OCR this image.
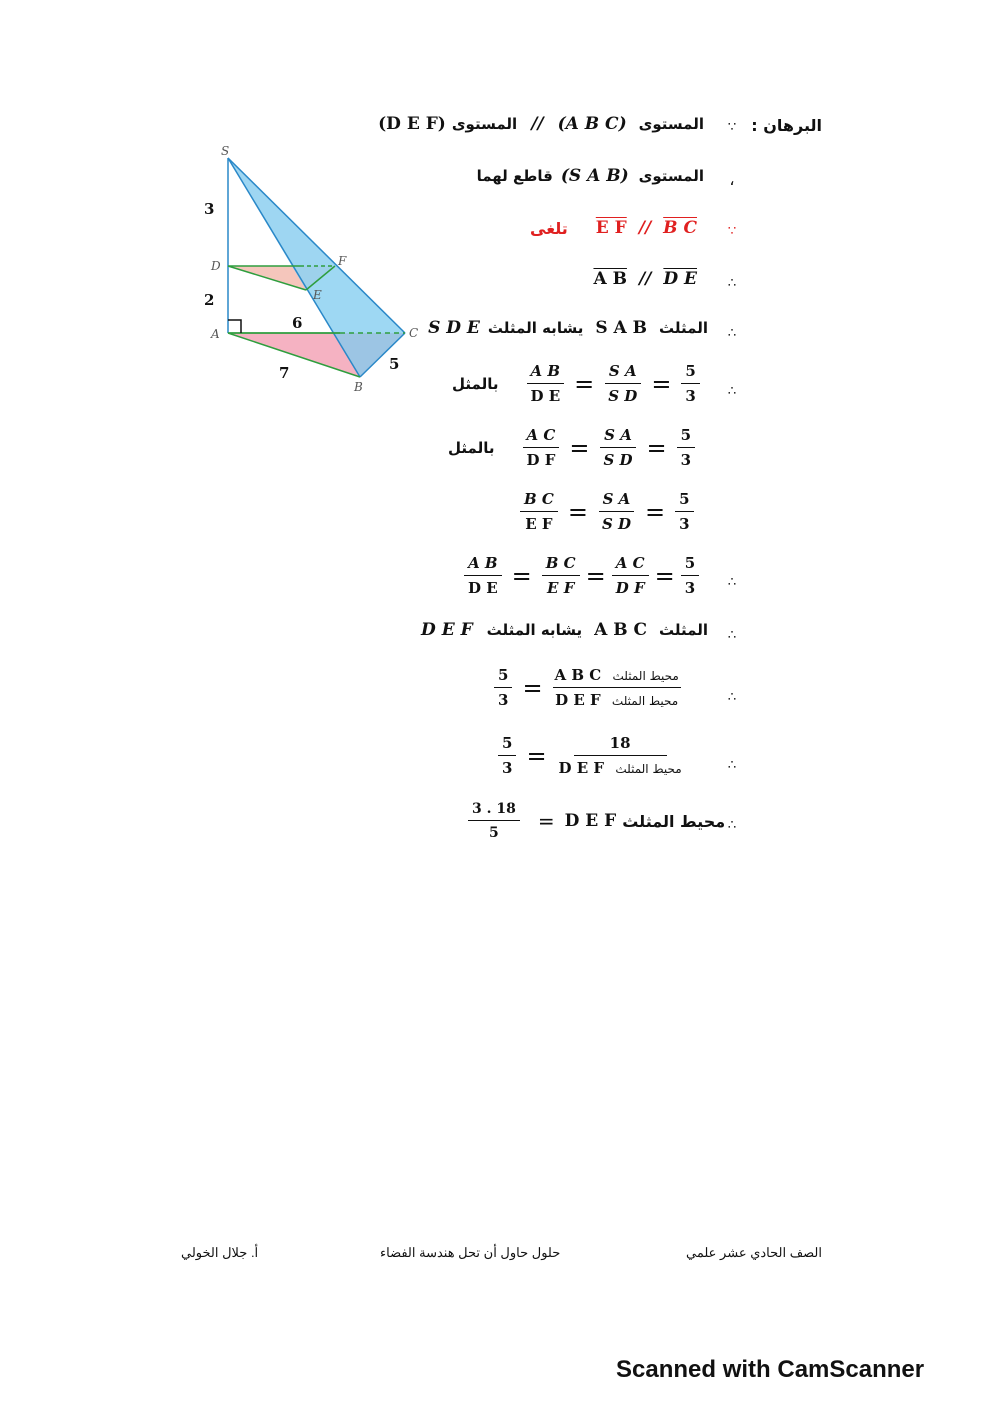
S
D
A
F
E
C
B
3
2
6
7	5
البرهان :
∵
المستوى
(A B C)
//
المستوى
(D E F)
،
المستوى
(S A B)
قاطع لهما
∵
تلغى E F // B C
∴
A B // D E
∴
المثلث
S A B
يشابه المثلث
S D E
∴
بالمثل $\frac{\text{A B}}{\text{D E}} = \frac{\text{S A}}{\text{S D}} = \frac{5}{3}$
بالمثل $\frac{\text{A C}}{\text{D F}} = \frac{\text{S A}}{\text{S D}} = \frac{5}{3}$
$\frac{\text{B C}}{\text{E F}} = \frac{\text{S A}}{\text{S D}} = \frac{5}{3}$
∴
$\frac{\text{A B}}{\text{D E}} = \frac{\text{B C}}{\text{E F}} = \frac{\text{A C}}{\text{D F}} = \frac{5}{3}$
∴
المثلث
A B C
يشابه المثلث
D E F
∴
$\frac{5}{3} = \frac{\text{A B C محيط المثلث}}{\text{D E F محيط المثلث}}$
∴
$\frac{5}{3} = \frac{18}{\text{D E F محيط المثلث}}$
∴
$\frac{3 . 18}{5} = D$ E F محيط المثلث
الصف الحادي عشر علمي
حلول حاول أن تحل هندسة الفضاء
أ. جلال الخولي
Scanned with CamScanner
